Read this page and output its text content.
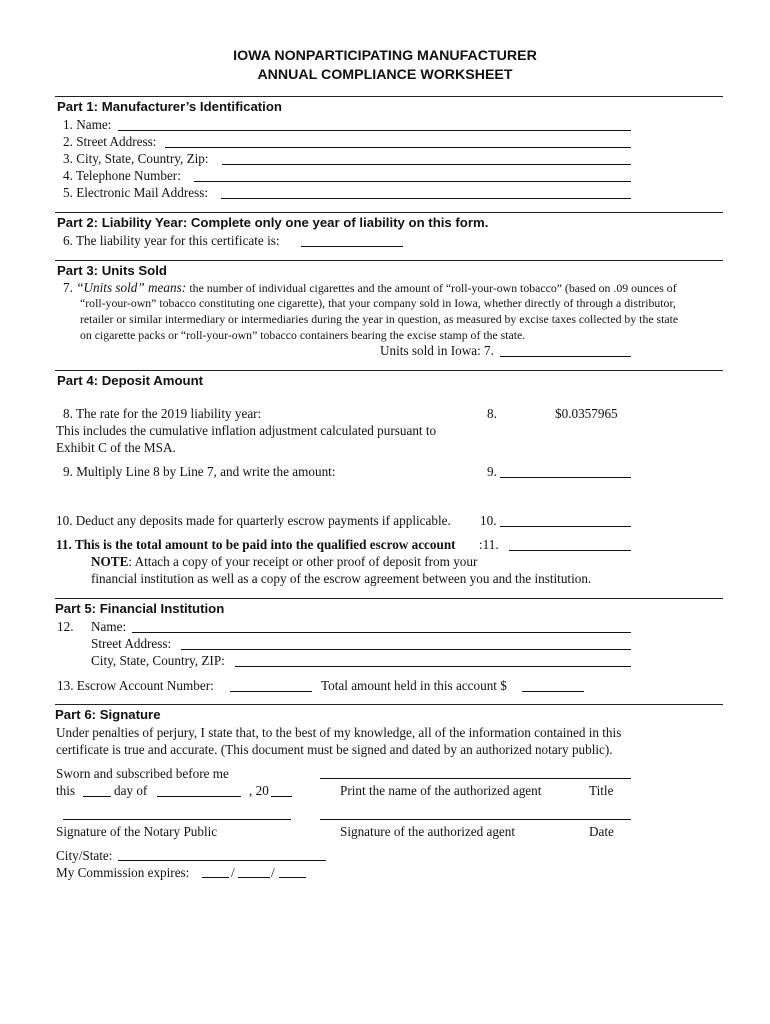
IOWA NONPARTICIPATING MANUFACTURER
ANNUAL COMPLIANCE WORKSHEET
Part 1: Manufacturer’s Identification
1. Name:
2. Street Address:
3. City, State, Country, Zip:
4. Telephone Number:
5. Electronic Mail Address:
Part 2: Liability Year: Complete only one year of liability on this form.
6. The liability year for this certificate is:
Part 3: Units Sold
7. “Units sold” means: the number of individual cigarettes and the amount of “roll-your-own tobacco” (based on .09 ounces of
“roll-your-own” tobacco constituting one cigarette), that your company sold in Iowa, whether directly of through a distributor,
retailer or similar intermediary or intermediaries during the year in question, as measured by excise taxes collected by the state
on cigarette packs or “roll-your-own” tobacco containers bearing the excise stamp of the state.
Units sold in Iowa: 7.
Part 4: Deposit Amount
8. The rate for the 2019 liability year:
This includes the cumulative inflation adjustment calculated pursuant to
Exhibit C of the MSA.
8.	$0.0357965
9. Multiply Line 8 by Line 7, and write the amount:	9.
10. Deduct any deposits made for quarterly escrow payments if applicable. 10.
11. This is the total amount to be paid into the qualified escrow account :11.
NOTE: Attach a copy of your receipt or other proof of deposit from your
financial institution as well as a copy of the escrow agreement between you and the institution.
Part 5: Financial Institution
12. Name:
Street Address:
City, State, Country, ZIP:
13. Escrow Account Number:	Total amount held in this account $
Part 6: Signature
Under penalties of perjury, I state that, to the best of my knowledge, all of the information contained in this
certificate is true and accurate. (This document must be signed and dated by an authorized notary public).
Sworn and subscribed before me
this	day of	, 20	Print the name of the authorized agent	Title
Signature of the Notary Public	Signature of the authorized agent	Date
City/State:
My Commission expires:	/	/
